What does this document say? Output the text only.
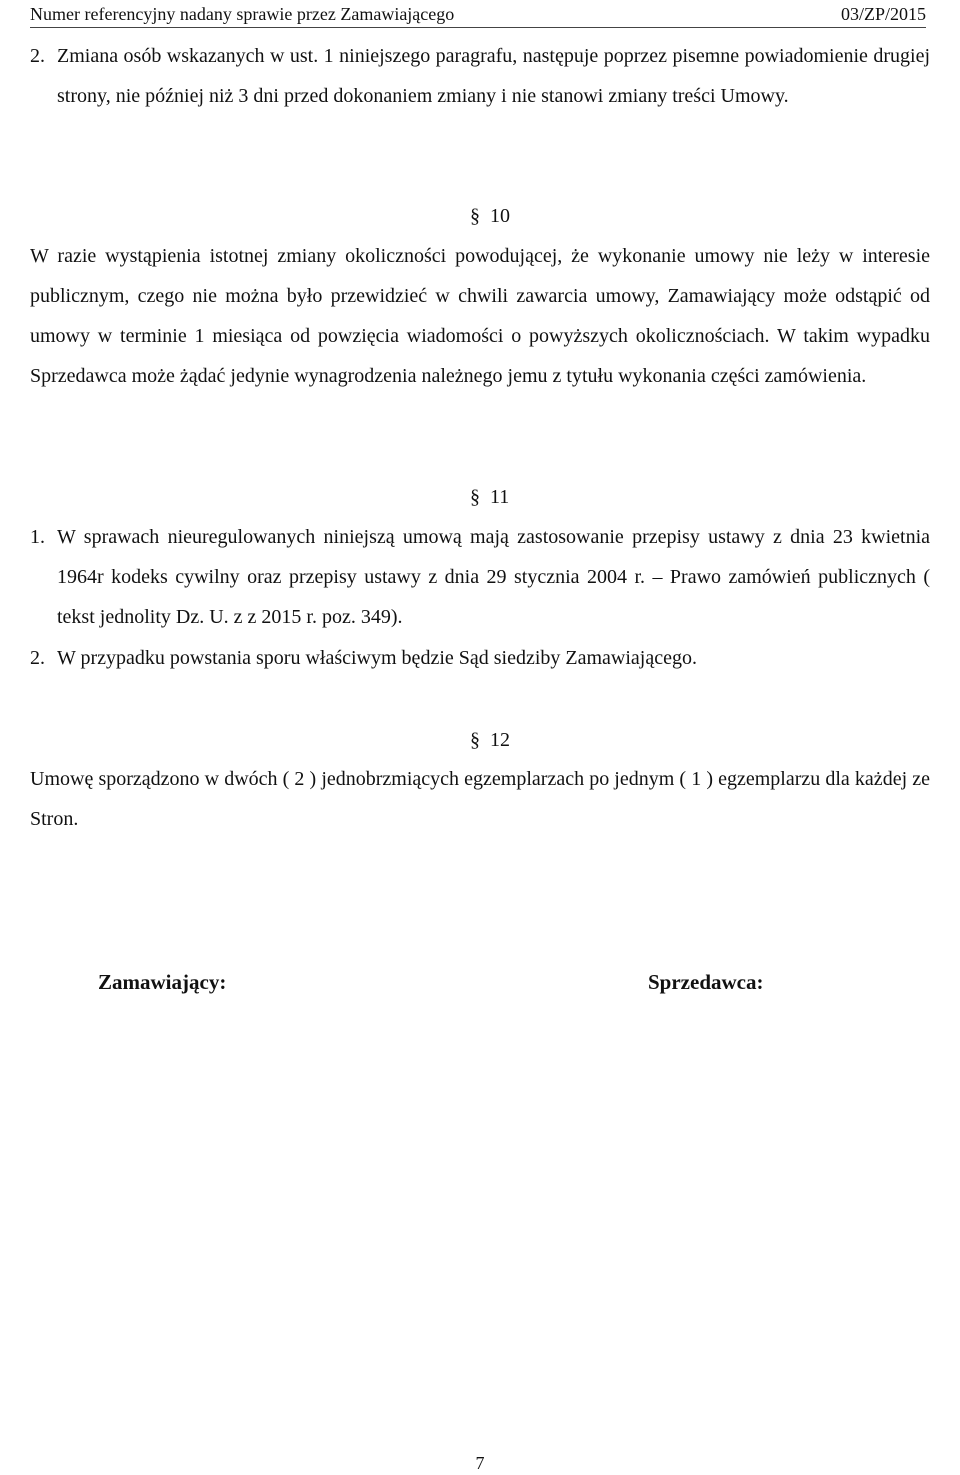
Numer referencyjny nadany sprawie przez Zamawiającego	03/ZP/2015
2. Zmiana osób wskazanych w ust. 1 niniejszego paragrafu, następuje poprzez pisemne powiadomienie drugiej strony, nie później niż 3 dni przed dokonaniem zmiany i nie stanowi zmiany treści Umowy.
§ 10

W razie wystąpienia istotnej zmiany okoliczności powodującej, że wykonanie umowy nie leży w interesie publicznym, czego nie można było przewidzieć w chwili zawarcia umowy, Zamawiający może odstąpić od umowy w terminie 1 miesiąca od powzięcia wiadomości o powyższych okolicznościach. W takim wypadku Sprzedawca może żądać jedynie wynagrodzenia należnego jemu z tytułu wykonania części zamówienia.

§ 11
1. W sprawach nieuregulowanych niniejszą umową mają zastosowanie przepisy ustawy z dnia 23 kwietnia 1964r kodeks cywilny oraz przepisy ustawy z dnia 29 stycznia 2004 r. – Prawo zamówień publicznych ( tekst jednolity Dz. U. z z 2015 r. poz. 349).
2. W przypadku powstania sporu właściwym będzie Sąd siedziby Zamawiającego.
§ 12

Umowę sporządzono w dwóch ( 2 ) jednobrzmiących egzemplarzach po jednym ( 1 ) egzemplarzu dla każdej ze Stron.

Zamawiający:	Sprzedawca:
7
